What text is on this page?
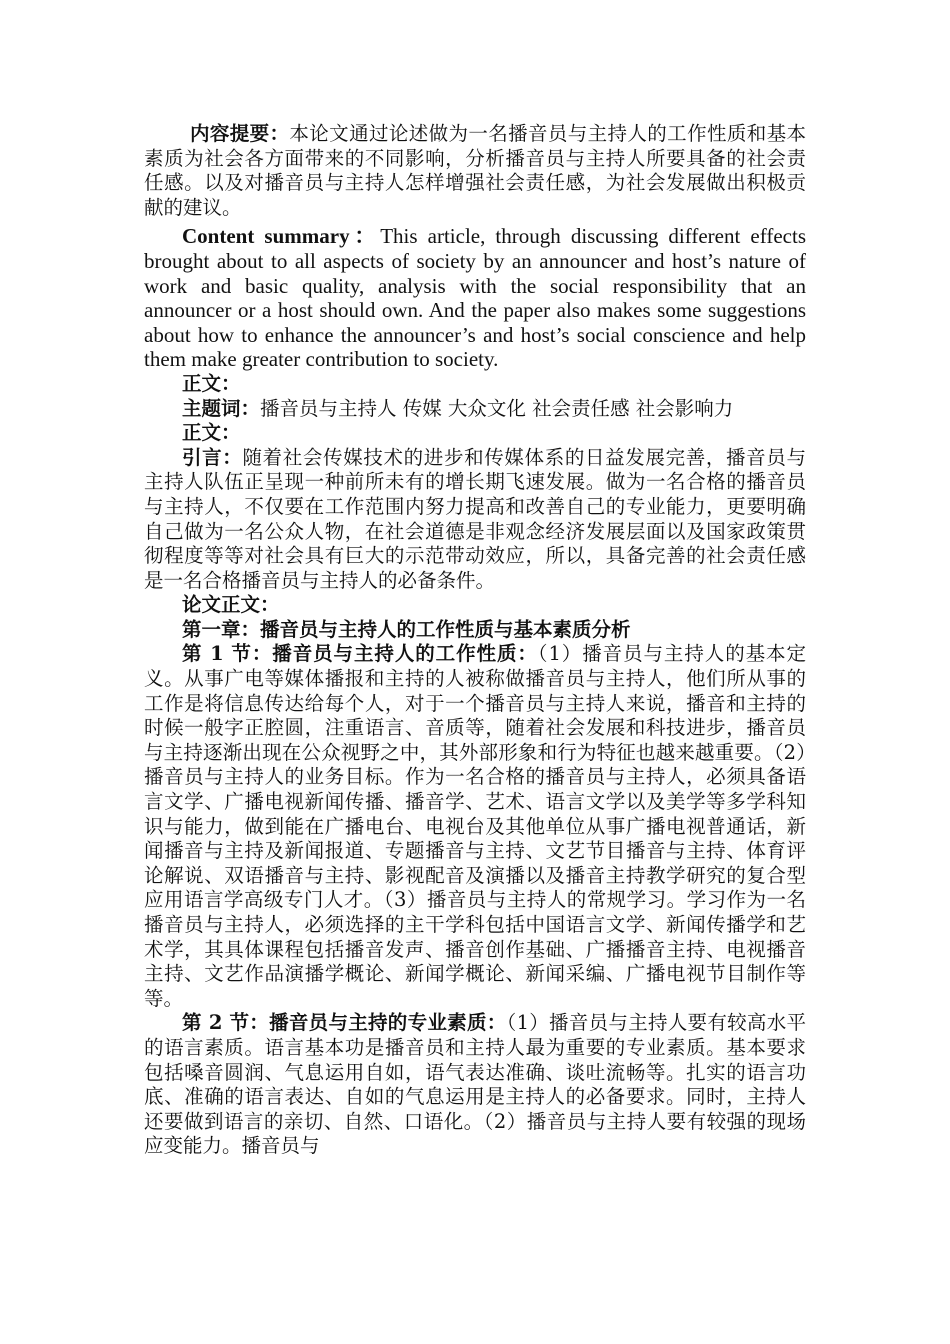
内容提要：本论文通过论述做为一名播音员与主持人的工作性质和基本素质为社会各方面带来的不同影响，分析播音员与主持人所要具备的社会责任感。以及对播音员与主持人怎样增强社会责任感，为社会发展做出积极贡献的建议。

Content summary：This article, through discussing different effects brought about to all aspects of society by an announcer and host’s nature of work and basic quality, analysis with the social responsibility that an announcer or a host should own. And the paper also makes some suggestions about how to enhance the announcer’s and host’s social conscience and help them make greater contribution to society.

正文：

主题词：播音员与主持人 传媒 大众文化 社会责任感 社会影响力

正文：

引言：随着社会传媒技术的进步和传媒体系的日益发展完善，播音员与主持人队伍正呈现一种前所未有的增长期飞速发展。做为一名合格的播音员与主持人，不仅要在工作范围内努力提高和改善自己的专业能力，更要明确自己做为一名公众人物，在社会道德是非观念经济发展层面以及国家政策贯彻程度等等对社会具有巨大的示范带动效应，所以，具备完善的社会责任感是一名合格播音员与主持人的必备条件。

论文正文：

第一章：播音员与主持人的工作性质与基本素质分析

第 1 节：播音员与主持人的工作性质：（1）播音员与主持人的基本定义。从事广电等媒体播报和主持的人被称做播音员与主持人，他们所从事的工作是将信息传达给每个人，对于一个播音员与主持人来说，播音和主持的时候一般字正腔圆，注重语言、音质等，随着社会发展和科技进步，播音员与主持逐渐出现在公众视野之中，其外部形象和行为特征也越来越重要。（2）播音员与主持人的业务目标。作为一名合格的播音员与主持人，必须具备语言文学、广播电视新闻传播、播音学、艺术、语言文学以及美学等多学科知识与能力，做到能在广播电台、电视台及其他单位从事广播电视普通话，新闻播音与主持及新闻报道、专题播音与主持、文艺节目播音与主持、体育评论解说、双语播音与主持、影视配音及演播以及播音主持教学研究的复合型应用语言学高级专门人才。（3）播音员与主持人的常规学习。学习作为一名播音员与主持人，必须选择的主干学科包括中国语言文学、新闻传播学和艺术学，其具体课程包括播音发声、播音创作基础、广播播音主持、电视播音主持、文艺作品演播学概论、新闻学概论、新闻采编、广播电视节目制作等等。

第 2 节：播音员与主持的专业素质：（1）播音员与主持人要有较高水平的语言素质。语言基本功是播音员和主持人最为重要的专业素质。基本要求包括嗓音圆润、气息运用自如，语气表达准确、谈吐流畅等。扎实的语言功底、准确的语言表达、自如的气息运用是主持人的必备要求。同时，主持人还要做到语言的亲切、自然、口语化。（2）播音员与主持人要有较强的现场应变能力。播音员与
